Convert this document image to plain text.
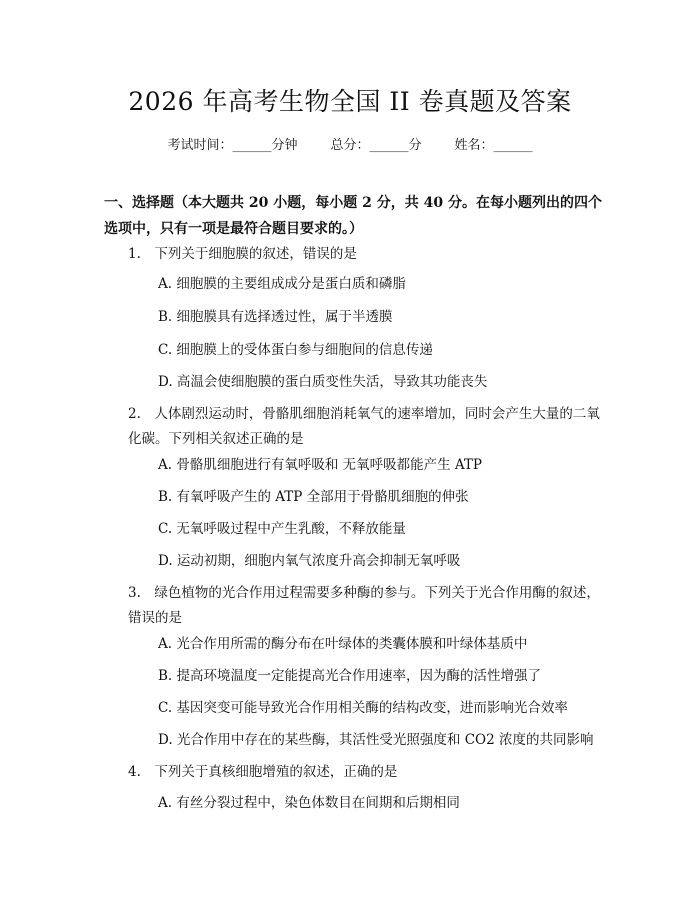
2026 年高考生物全国 II 卷真题及答案
考试时间：______分钟　	总分：______分　	姓名：______
一、选择题（本大题共 20 小题，每小题 2 分，共 40 分。在每小题列出的四个选项中，只有一项是最符合题目要求的。）
1.　下列关于细胞膜的叙述，错误的是
A. 细胞膜的主要组成成分是蛋白质和磷脂
B. 细胞膜具有选择透过性，属于半透膜
C. 细胞膜上的受体蛋白参与细胞间的信息传递
D. 高温会使细胞膜的蛋白质变性失活，导致其功能丧失
2.　人体剧烈运动时，骨骼肌细胞消耗氧气的速率增加，同时会产生大量的二氧化碳。下列相关叙述正确的是
A. 骨骼肌细胞进行有氧呼吸和 无氧呼吸都能产生 ATP
B. 有氧呼吸产生的 ATP 全部用于骨骼肌细胞的伸张
C. 无氧呼吸过程中产生乳酸，不释放能量
D. 运动初期，细胞内氧气浓度升高会抑制无氧呼吸
3.　绿色植物的光合作用过程需要多种酶的参与。下列关于光合作用酶的叙述，错误的是
A. 光合作用所需的酶分布在叶绿体的类囊体膜和叶绿体基质中
B. 提高环境温度一定能提高光合作用速率，因为酶的活性增强了
C. 基因突变可能导致光合作用相关酶的结构改变，进而影响光合效率
D. 光合作用中存在的某些酶，其活性受光照强度和 CO2 浓度的共同影响
4.　下列关于真核细胞增殖的叙述，正确的是
A. 有丝分裂过程中，染色体数目在间期和后期相同
